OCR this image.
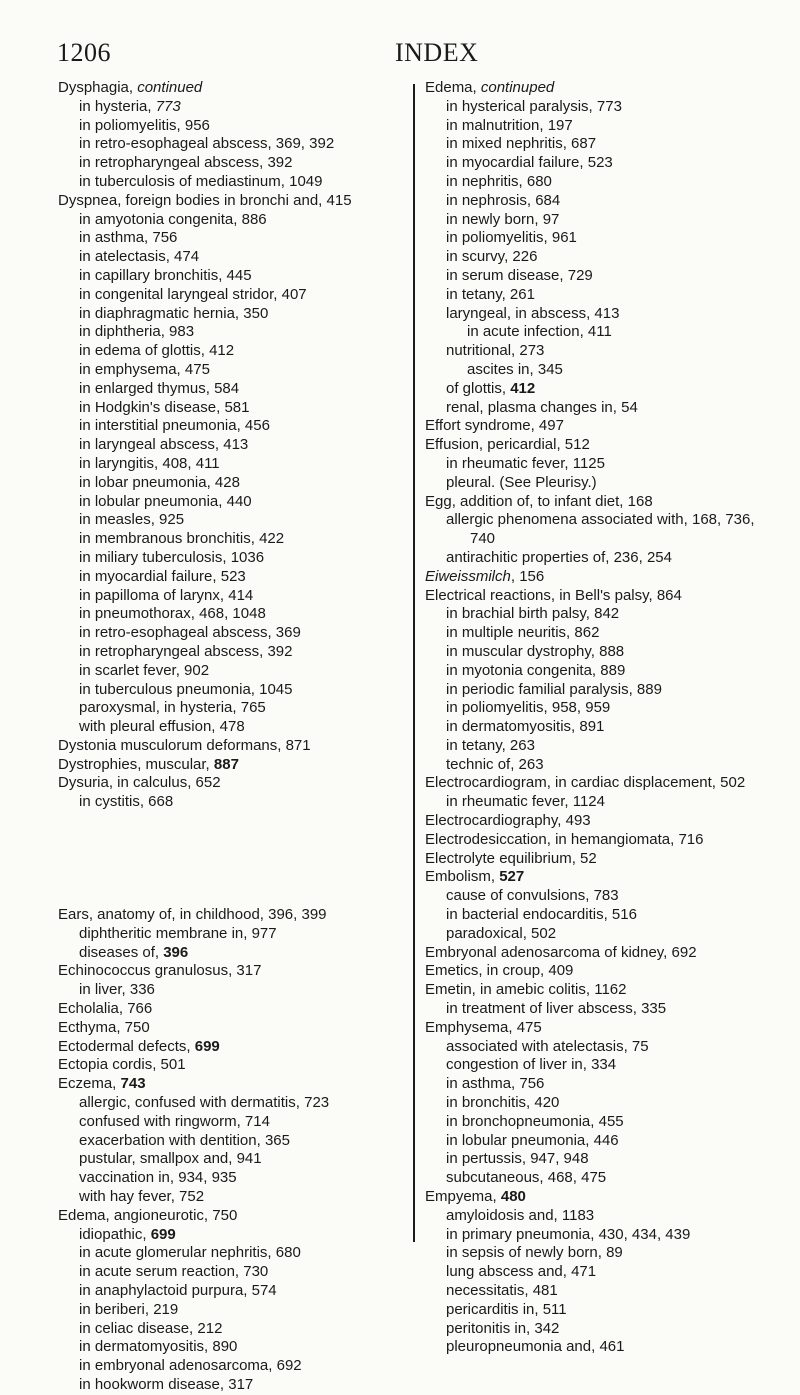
1206	INDEX

Dysphagia, continued

in hysteria, 773

in poliomyelitis, 956

in retro-esophageal abscess, 369, 392

in retropharyngeal abscess, 392

in tuberculosis of mediastinum, 1049

Dyspnea, foreign bodies in bronchi and, 415

in amyotonia congenita, 886

in asthma, 756

in atelectasis, 474

in capillary bronchitis, 445

in congenital laryngeal stridor, 407

in diaphragmatic hernia, 350

in diphtheria, 983

in edema of glottis, 412

in emphysema, 475

in enlarged thymus, 584

in Hodgkin's disease, 581

in interstitial pneumonia, 456

in laryngeal abscess, 413

in laryngitis, 408, 411

in lobar pneumonia, 428

in lobular pneumonia, 440

in measles, 925

in membranous bronchitis, 422

in miliary tuberculosis, 1036

in myocardial failure, 523

in papilloma of larynx, 414

in pneumothorax, 468, 1048

in retro-esophageal abscess, 369

in retropharyngeal abscess, 392

in scarlet fever, 902

in tuberculous pneumonia, 1045

paroxysmal, in hysteria, 765

with pleural effusion, 478

Dystonia musculorum deformans, 871

Dystrophies, muscular, 887

Dysuria, in calculus, 652

in cystitis, 668

Ears, anatomy of, in childhood, 396, 399

diphtheritic membrane in, 977

diseases of, 396

Echinococcus granulosus, 317

in liver, 336

Echolalia, 766

Ecthyma, 750

Ectodermal defects, 699

Ectopia cordis, 501

Eczema, 743

allergic, confused with dermatitis, 723

confused with ringworm, 714

exacerbation with dentition, 365

pustular, smallpox and, 941

vaccination in, 934, 935

with hay fever, 752

Edema, angioneurotic, 750

idiopathic, 699

in acute glomerular nephritis, 680

in acute serum reaction, 730

in anaphylactoid purpura, 574

in beriberi, 219

in celiac disease, 212

in dermatomyositis, 890

in embryonal adenosarcoma, 692

in hookworm disease, 317

Edema, continuped

in hysterical paralysis, 773

in malnutrition, 197

in mixed nephritis, 687

in myocardial failure, 523

in nephritis, 680

in nephrosis, 684

in newly born, 97

in poliomyelitis, 961

in scurvy, 226

in serum disease, 729

in tetany, 261

laryngeal, in abscess, 413

in acute infection, 411

nutritional, 273

ascites in, 345

of glottis, 412

renal, plasma changes in, 54

Effort syndrome, 497

Effusion, pericardial, 512

in rheumatic fever, 1125

pleural. (See Pleurisy.)

Egg, addition of, to infant diet, 168

allergic phenomena associated with, 168, 736, 740

antirachitic properties of, 236, 254

Eiweissmilch, 156

Electrical reactions, in Bell's palsy, 864

in brachial birth palsy, 842

in multiple neuritis, 862

in muscular dystrophy, 888

in myotonia congenita, 889

in periodic familial paralysis, 889

in poliomyelitis, 958, 959

in dermatomyositis, 891

in tetany, 263

technic of, 263

Electrocardiogram, in cardiac displacement, 502

in rheumatic fever, 1124

Electrocardiography, 493

Electrodesiccation, in hemangiomata, 716

Electrolyte equilibrium, 52

Embolism, 527

cause of convulsions, 783

in bacterial endocarditis, 516

paradoxical, 502

Embryonal adenosarcoma of kidney, 692

Emetics, in croup, 409

Emetin, in amebic colitis, 1162

in treatment of liver abscess, 335

Emphysema, 475

associated with atelectasis, 75

congestion of liver in, 334

in asthma, 756

in bronchitis, 420

in bronchopneumonia, 455

in lobular pneumonia, 446

in pertussis, 947, 948

subcutaneous, 468, 475

Empyema, 480

amyloidosis and, 1183

in primary pneumonia, 430, 434, 439

in sepsis of newly born, 89

lung abscess and, 471

necessitatis, 481

pericarditis in, 511

peritonitis in, 342

pleuropneumonia and, 461
